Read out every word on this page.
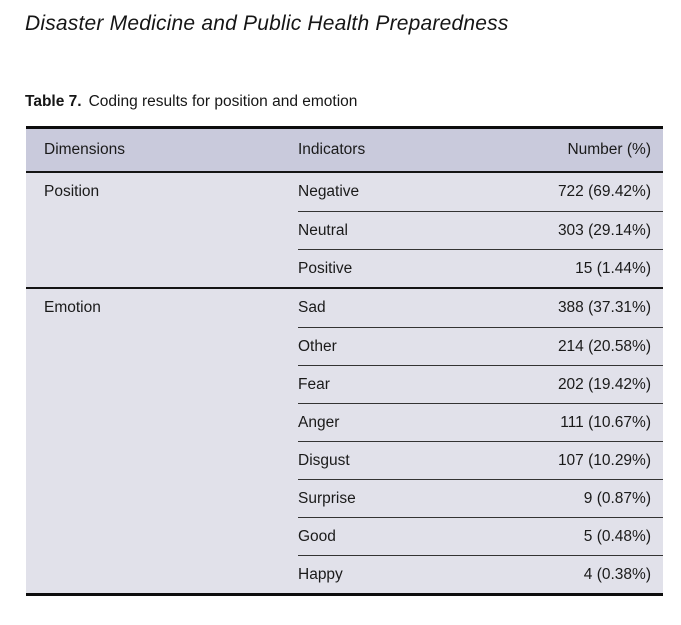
Disaster Medicine and Public Health Preparedness
Table 7. Coding results for position and emotion
Dimensions	Indicators	Number (%)
Position	Negative	722 (69.42%)
Neutral	303 (29.14%)
Positive	15 (1.44%)
Emotion	Sad	388 (37.31%)
Other	214 (20.58%)
Fear	202 (19.42%)
Anger	111 (10.67%)
Disgust	107 (10.29%)
Surprise	9 (0.87%)
Good	5 (0.48%)
Happy	4 (0.38%)
